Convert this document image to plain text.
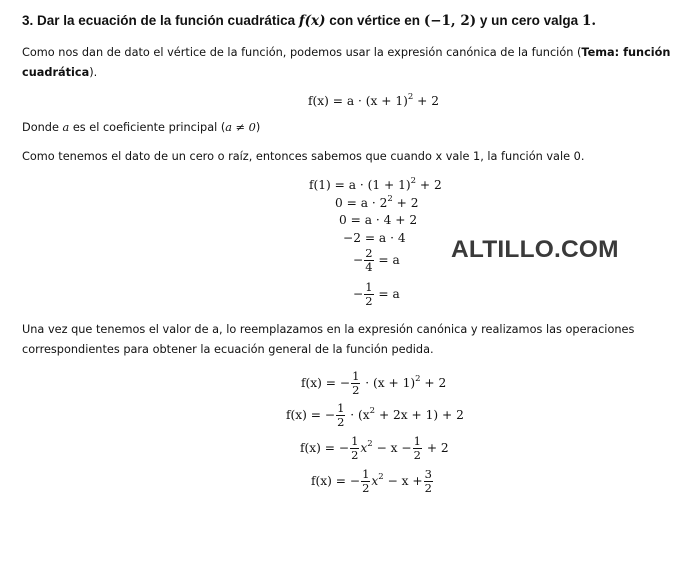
3. Dar la ecuación de la función cuadrática f(x) con vértice en (−1, 2) y un cero valga 1.
Como nos dan de dato el vértice de la función, podemos usar la expresión canónica de la función (Tema: función
cuadrática).
$f(x) = a \cdot (x + 1)^2 + 2$
Donde a es el coeficiente principal (a ≠ 0)
Como tenemos el dato de un cero o raíz, entonces sabemos que cuando x vale 1, la función vale 0.
$f(1) = a \cdot (1 + 1)^2 + 2$
$0 = a \cdot 2^2 + 2$
0 = a · 4 + 2
−2 = a · 4
− $\frac{2}{4} = a$
− $\frac{1}{2} = a$
ALTILLO.COM
Una vez que tenemos el valor de a, lo reemplazamos en la expresión canónica y realizamos las operaciones
correspondientes para obtener la ecuación general de la función pedida.
f(x) = − $\frac{1}{2} \cdot (x + 1)^2 + 2$
f(x) = − $\frac{1}{2} \cdot (x^2 + 2x + 1) + 2$
f(x) = − $\frac{1}{2} x^2 - x - \frac{1}{2} + 2$
f(x) = − $\frac{1}{2} x^2 - x + \frac{3}{2}$
